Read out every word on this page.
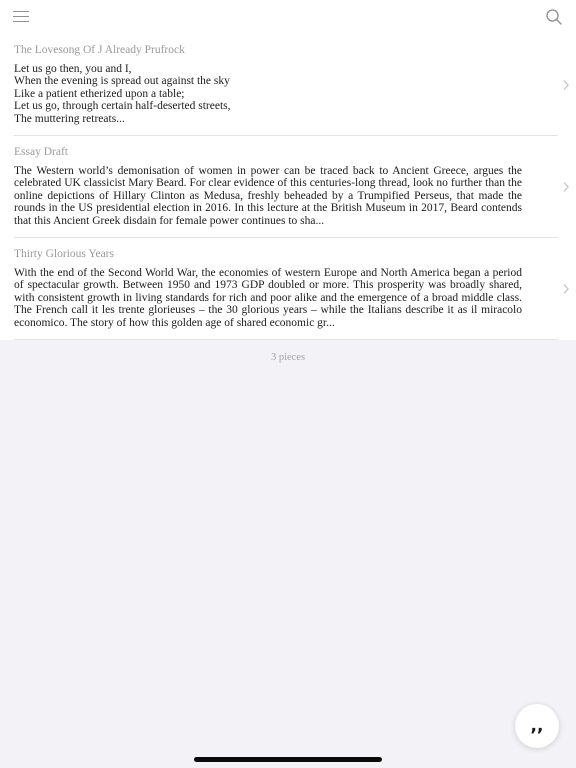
The Lovesong Of J Already Prufrock
Let us go then, you and I,
When the evening is spread out against the sky
Like a patient etherized upon a table;
Let us go, through certain half-deserted streets,
The muttering retreats...
Essay Draft
The Western world’s demonisation of women in power can be traced back to Ancient Greece, argues the celebrated UK classicist Mary Beard. For clear evidence of this centuries-long thread, look no further than the online depictions of Hillary Clinton as Medusa, freshly beheaded by a Trumpified Perseus, that made the rounds in the US presidential election in 2016. In this lecture at the British Museum in 2017, Beard contends that this Ancient Greek disdain for female power continues to sha...
Thirty Glorious Years
With the end of the Second World War, the economies of western Europe and North America began a period of spectacular growth. Between 1950 and 1973 GDP doubled or more. This prosperity was broadly shared, with consistent growth in living standards for rich and poor alike and the emergence of a broad middle class. The French call it les trente glorieuses – the 30 glorious years – while the Italians describe it as il miracolo economico. The story of how this golden age of shared economic gr...
3 pieces
,,
